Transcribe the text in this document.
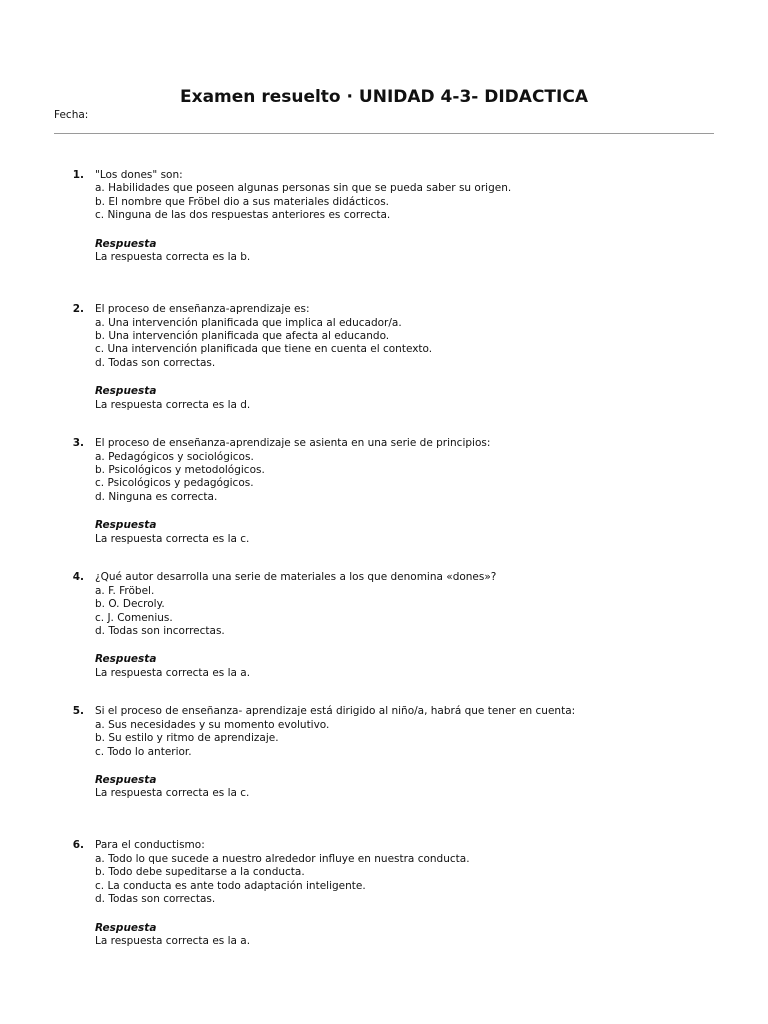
Examen resuelto · UNIDAD 4-3- DIDACTICA
Fecha:
1. "Los dones" son:
a. Habilidades que poseen algunas personas sin que se pueda saber su origen.
b. El nombre que Fröbel dio a sus materiales didácticos.
c. Ninguna de las dos respuestas anteriores es correcta.
Respuesta
La respuesta correcta es la b.
2. El proceso de enseñanza-aprendizaje es:
a. Una intervención planificada que implica al educador/a.
b. Una intervención planificada que afecta al educando.
c. Una intervención planificada que tiene en cuenta el contexto.
d. Todas son correctas.
Respuesta
La respuesta correcta es la d.
3. El proceso de enseñanza-aprendizaje se asienta en una serie de principios:
a. Pedagógicos y sociológicos.
b. Psicológicos y metodológicos.
c. Psicológicos y pedagógicos.
d. Ninguna es correcta.
Respuesta
La respuesta correcta es la c.
4. ¿Qué autor desarrolla una serie de materiales a los que denomina «dones»?
a. F. Fröbel.
b. O. Decroly.
c. J. Comenius.
d. Todas son incorrectas.
Respuesta
La respuesta correcta es la a.
5. Si el proceso de enseñanza- aprendizaje está dirigido al niño/a, habrá que tener en cuenta:
a. Sus necesidades y su momento evolutivo.
b. Su estilo y ritmo de aprendizaje.
c. Todo lo anterior.
Respuesta
La respuesta correcta es la c.
6. Para el conductismo:
a. Todo lo que sucede a nuestro alrededor influye en nuestra conducta.
b. Todo debe supeditarse a la conducta.
c. La conducta es ante todo adaptación inteligente.
d. Todas son correctas.
Respuesta
La respuesta correcta es la a.
